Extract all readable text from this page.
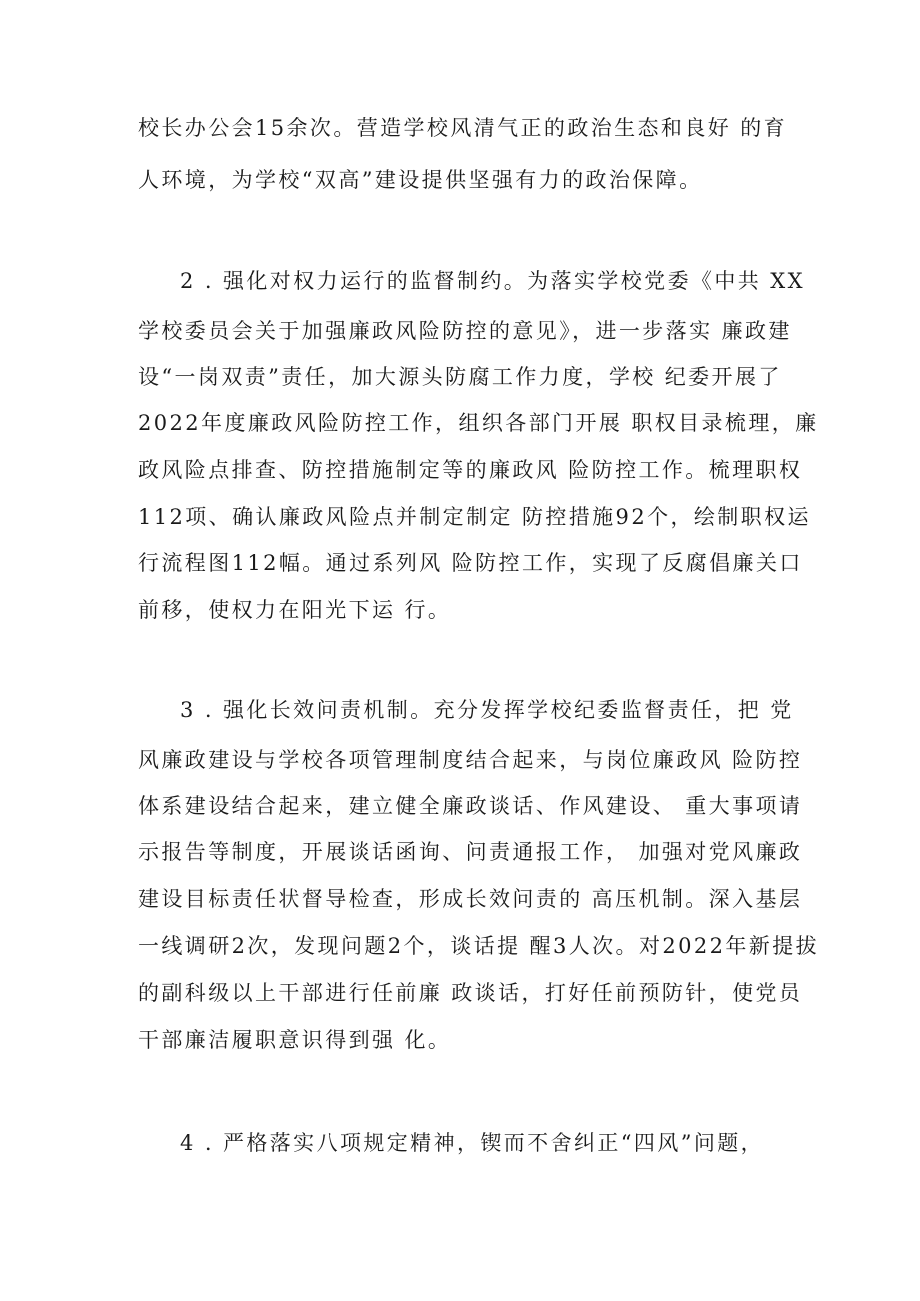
校长办公会15余次。营造学校风清气正的政治生态和良好 的育
人环境，为学校“双高”建设提供坚强有力的政治保障。
2 . 强化对权力运行的监督制约。为落实学校党委《中共 XX
学校委员会关于加强廉政风险防控的意见》，进一步落实 廉政建
设“一岗双责”责任，加大源头防腐工作力度，学校 纪委开展了
2022年度廉政风险防控工作，组织各部门开展 职权目录梳理，廉
政风险点排查、防控措施制定等的廉政风 险防控工作。梳理职权
112项、确认廉政风险点并制定制定 防控措施92个，绘制职权运
行流程图112幅。通过系列风 险防控工作，实现了反腐倡廉关口
前移，使权力在阳光下运 行。
3 . 强化长效问责机制。充分发挥学校纪委监督责任，把 党
风廉政建设与学校各项管理制度结合起来，与岗位廉政风 险防控
体系建设结合起来，建立健全廉政谈话、作风建设、 重大事项请
示报告等制度，开展谈话函询、问责通报工作， 加强对党风廉政
建设目标责任状督导检查，形成长效问责的 高压机制。深入基层
一线调研2次，发现问题2个，谈话提 醒3人次。对2022年新提拔
的副科级以上干部进行任前廉 政谈话，打好任前预防针，使党员
干部廉洁履职意识得到强 化。
4 . 严格落实八项规定精神，锲而不舍纠正“四风”问题，
